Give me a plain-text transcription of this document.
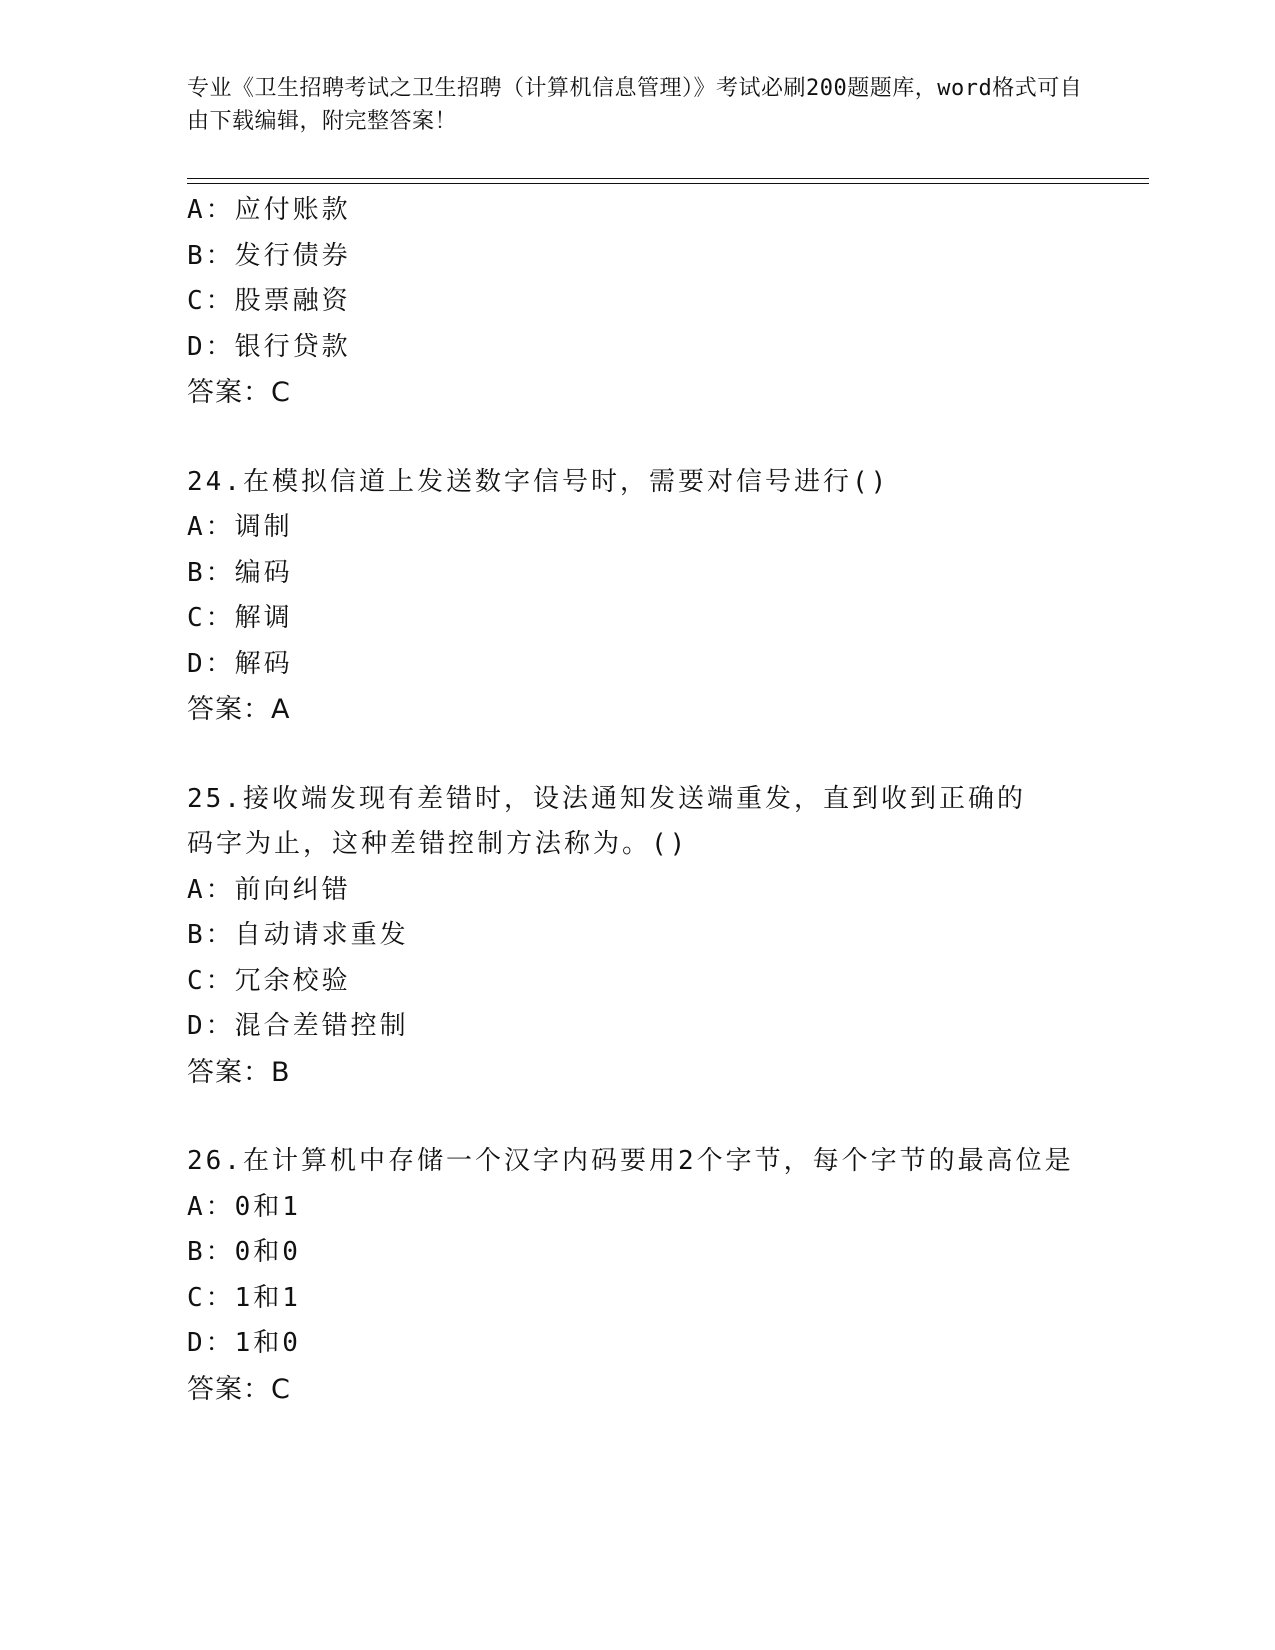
专业《卫生招聘考试之卫生招聘（计算机信息管理）》考试必刷200题题库，word格式可自由下载编辑，附完整答案！
A：应付账款
B：发行债券
C：股票融资
D：银行贷款
答案：C
24.在模拟信道上发送数字信号时，需要对信号进行()
A：调制
B：编码
C：解调
D：解码
答案：A
25.接收端发现有差错时，设法通知发送端重发，直到收到正确的码字为止，这种差错控制方法称为。()
A：前向纠错
B：自动请求重发
C：冗余校验
D：混合差错控制
答案：B
26.在计算机中存储一个汉字内码要用2个字节，每个字节的最高位是
A：0和1
B：0和0
C：1和1
D：1和0
答案：C
